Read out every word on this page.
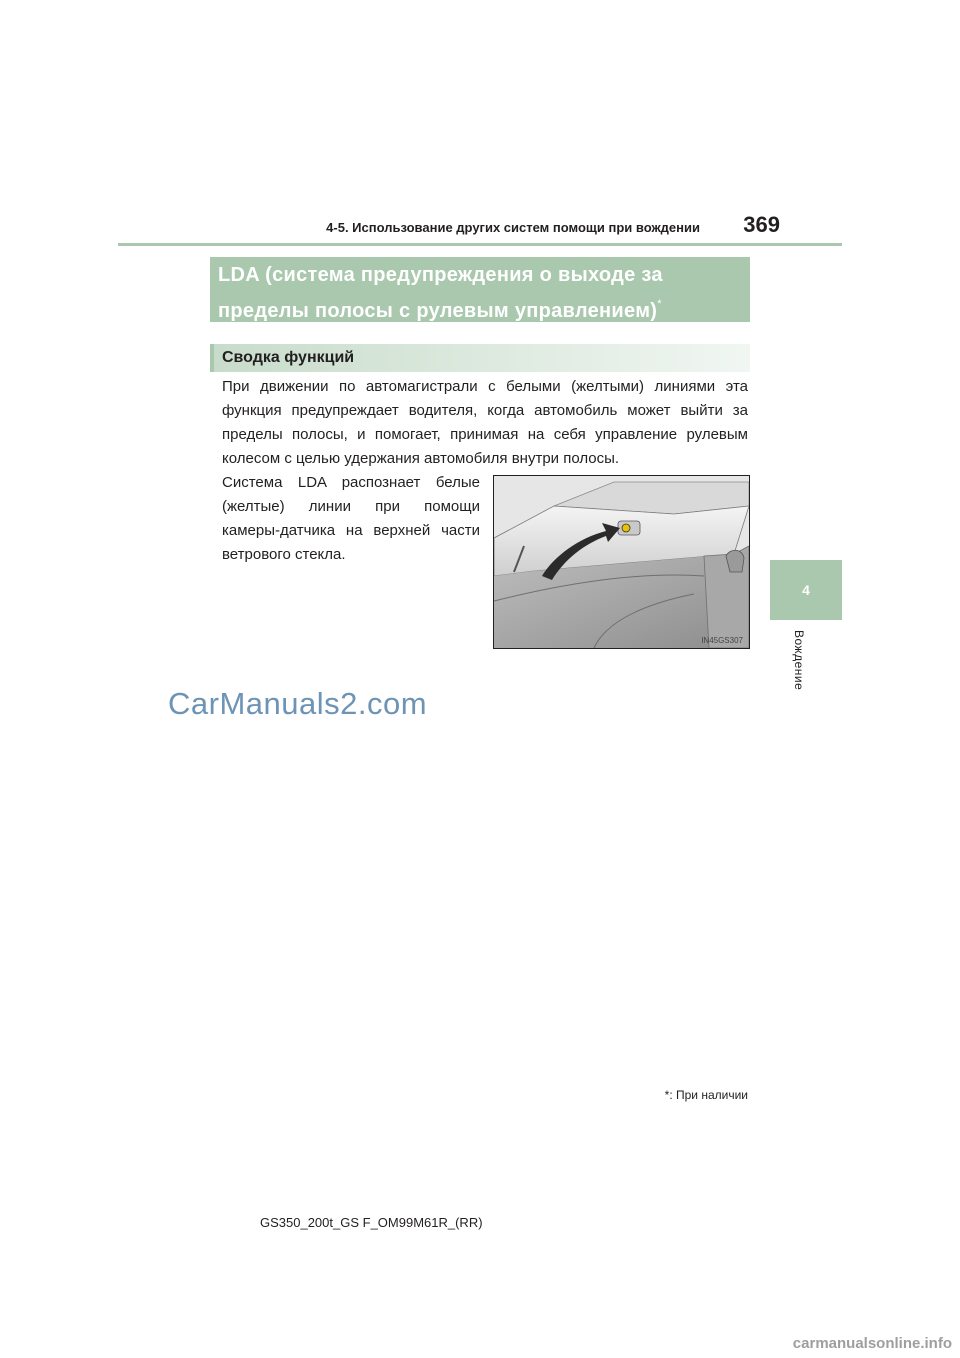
4-5. Использование других систем помощи при вождении	369
4
Вождение
LDA (система предупреждения о выходе за
пределы полосы с рулевым управлением)*
Сводка функций
При движении по автомагистрали с белыми (желтыми) линиями эта функция предупреждает водителя, когда автомобиль может выйти за пределы полосы, и помогает, принимая на себя управление рулевым колесом с целью удержания автомобиля внутри полосы.
Система LDA распознает белые (желтые) линии при помощи камеры-датчика на верхней части ветрового стекла.
IN45GS307
CarManuals2.com
*: При наличии
GS350_200t_GS F_OM99M61R_(RR)
carmanualsonline.info
